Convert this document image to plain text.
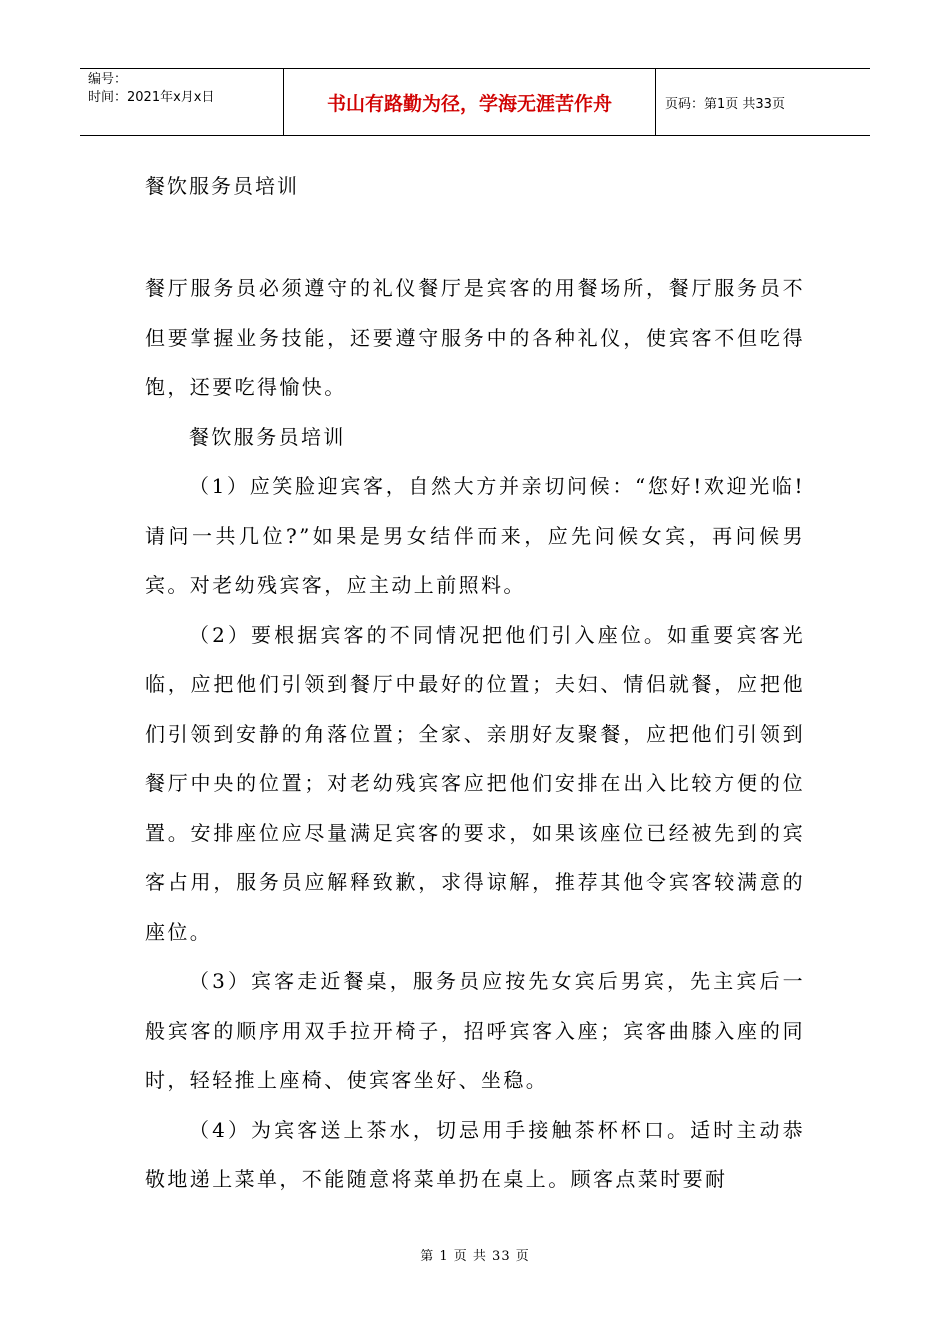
编号：
时间：2021年x月x日	书山有路勤为径，学海无涯苦作舟	页码：第1页 共33页
餐饮服务员培训

餐厅服务员必须遵守的礼仪餐厅是宾客的用餐场所，餐厅服务员不但要掌握业务技能，还要遵守服务中的各种礼仪，使宾客不但吃得饱，还要吃得愉快。

餐饮服务员培训

（1）应笑脸迎宾客，自然大方并亲切问候：“您好!欢迎光临!请问一共几位?”如果是男女结伴而来，应先问候女宾，再问候男宾。对老幼残宾客，应主动上前照料。

（2）要根据宾客的不同情况把他们引入座位。如重要宾客光临，应把他们引领到餐厅中最好的位置；夫妇、情侣就餐，应把他们引领到安静的角落位置；全家、亲朋好友聚餐，应把他们引领到餐厅中央的位置；对老幼残宾客应把他们安排在出入比较方便的位置。安排座位应尽量满足宾客的要求，如果该座位已经被先到的宾客占用，服务员应解释致歉，求得谅解，推荐其他令宾客较满意的座位。

（3）宾客走近餐桌，服务员应按先女宾后男宾，先主宾后一般宾客的顺序用双手拉开椅子，招呼宾客入座；宾客曲膝入座的同时，轻轻推上座椅、使宾客坐好、坐稳。

（4）为宾客送上茶水，切忌用手接触茶杯杯口。适时主动恭敬地递上菜单，不能随意将菜单扔在桌上。顾客点菜时要耐

第 1 页 共 33 页
